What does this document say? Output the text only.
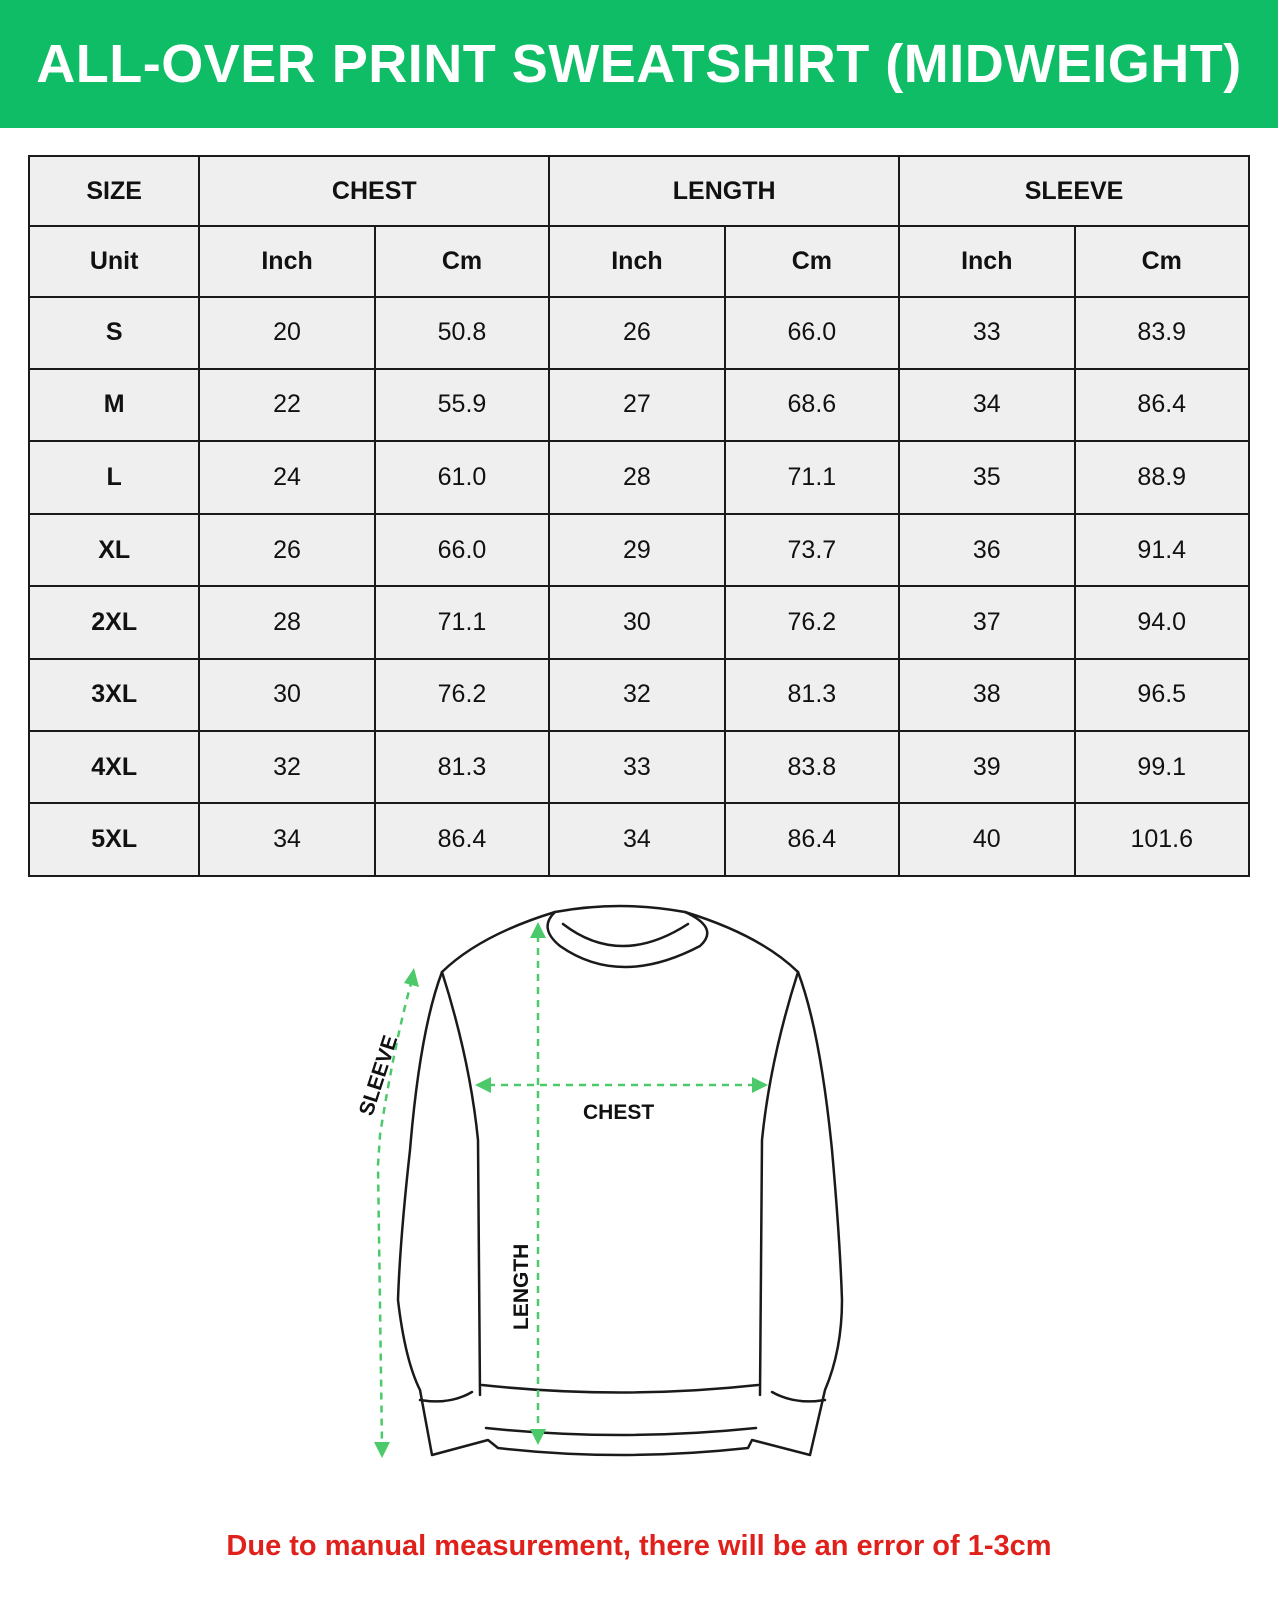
ALL-OVER PRINT SWEATSHIRT (MIDWEIGHT)
SIZE	CHEST		LENGTH		SLEEVE	
Unit	Inch	Cm	Inch	Cm	Inch	Cm
S	20	50.8	26	66.0	33	83.9
M	22	55.9	27	68.6	34	86.4
L	24	61.0	28	71.1	35	88.9
XL	26	66.0	29	73.7	36	91.4
2XL	28	71.1	30	76.2	37	94.0
3XL	30	76.2	32	81.3	38	96.5
4XL	32	81.3	33	83.8	39	99.1
5XL	34	86.4	34	86.4	40	101.6
CHEST
LENGTH
SLEEVE
Due to manual measurement, there will be an error of 1-3cm
